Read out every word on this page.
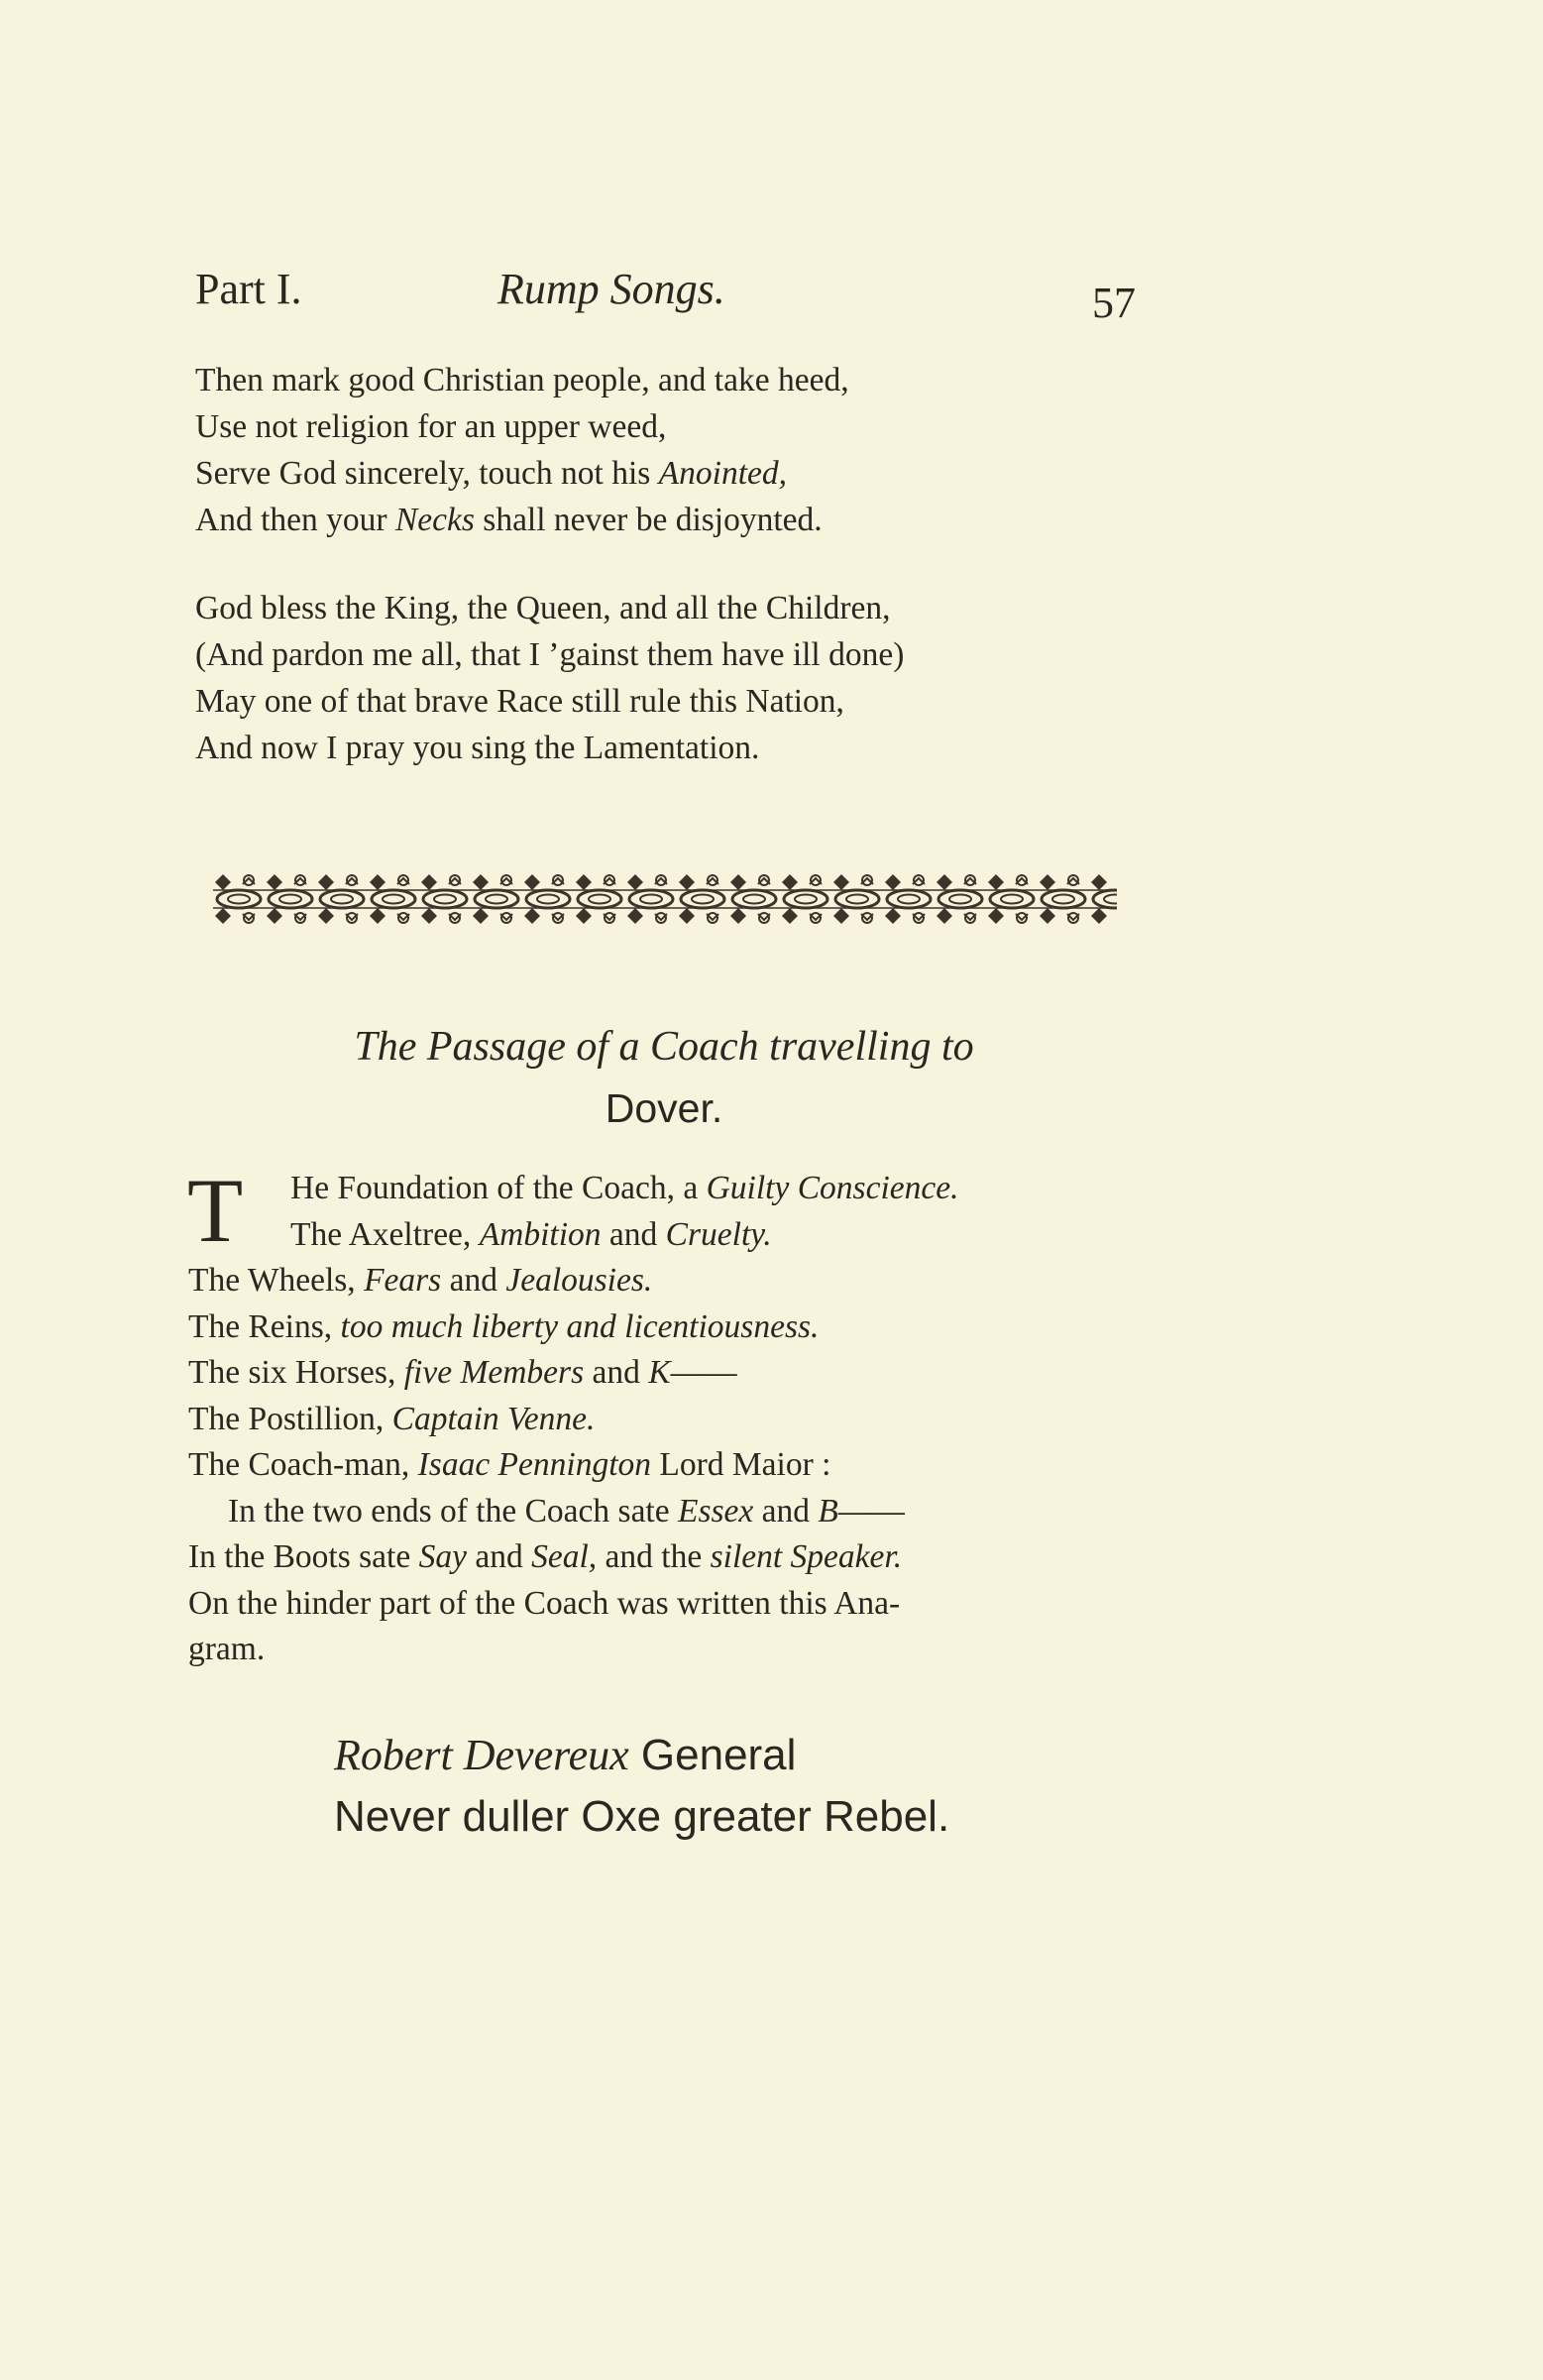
Part I.	Rump Songs.	57
Then mark good Christian people, and take heed,
Use not religion for an upper weed,
Serve God sincerely, touch not his Anointed,
And then your Necks shall never be disjoynted.
God bless the King, the Queen, and all the Children,
(And pardon me all, that I ’gainst them have ill done)
May one of that brave Race still rule this Nation,
And now I pray you sing the Lamentation.
The Passage of a Coach travelling to
Dover.
T	He Foundation of the Coach, a Guilty Conscience.
The Axeltree, Ambition and Cruelty.
The Wheels, Fears and Jealousies.
The Reins, too much liberty and licentiousness.
The six Horses, five Members and K——
The Postillion, Captain Venne.
The Coach-man, Isaac Pennington Lord Maior :
In the two ends of the Coach sate Essex and B——
In the Boots sate Say and Seal, and the silent Speaker.
On the hinder part of the Coach was written this Ana-
gram.
Robert Devereux General
Never duller Oxe greater Rebel.
